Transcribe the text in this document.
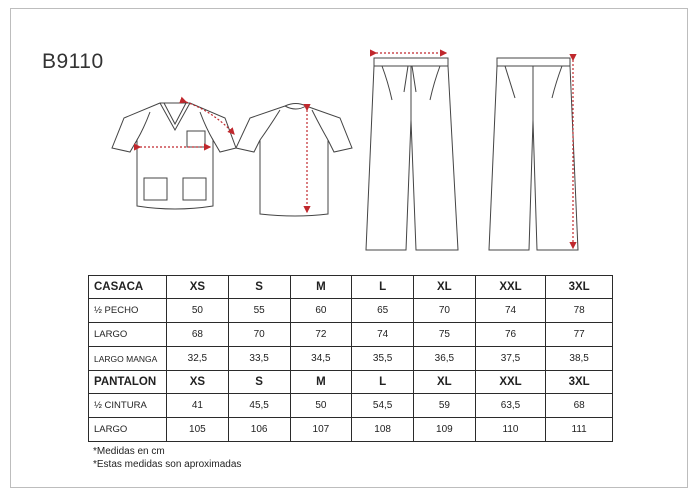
B9110
CASACA	XS	S	M	L	XL	XXL	3XL
½ PECHO	50	55	60	65	70	74	78
LARGO	68	70	72	74	75	76	77
LARGO MANGA	32,5	33,5	34,5	35,5	36,5	37,5	38,5
PANTALON	XS	S	M	L	XL	XXL	3XL
½ CINTURA	41	45,5	50	54,5	59	63,5	68
LARGO	105	106	107	108	109	110	111
*Medidas en cm
*Estas medidas son aproximadas
